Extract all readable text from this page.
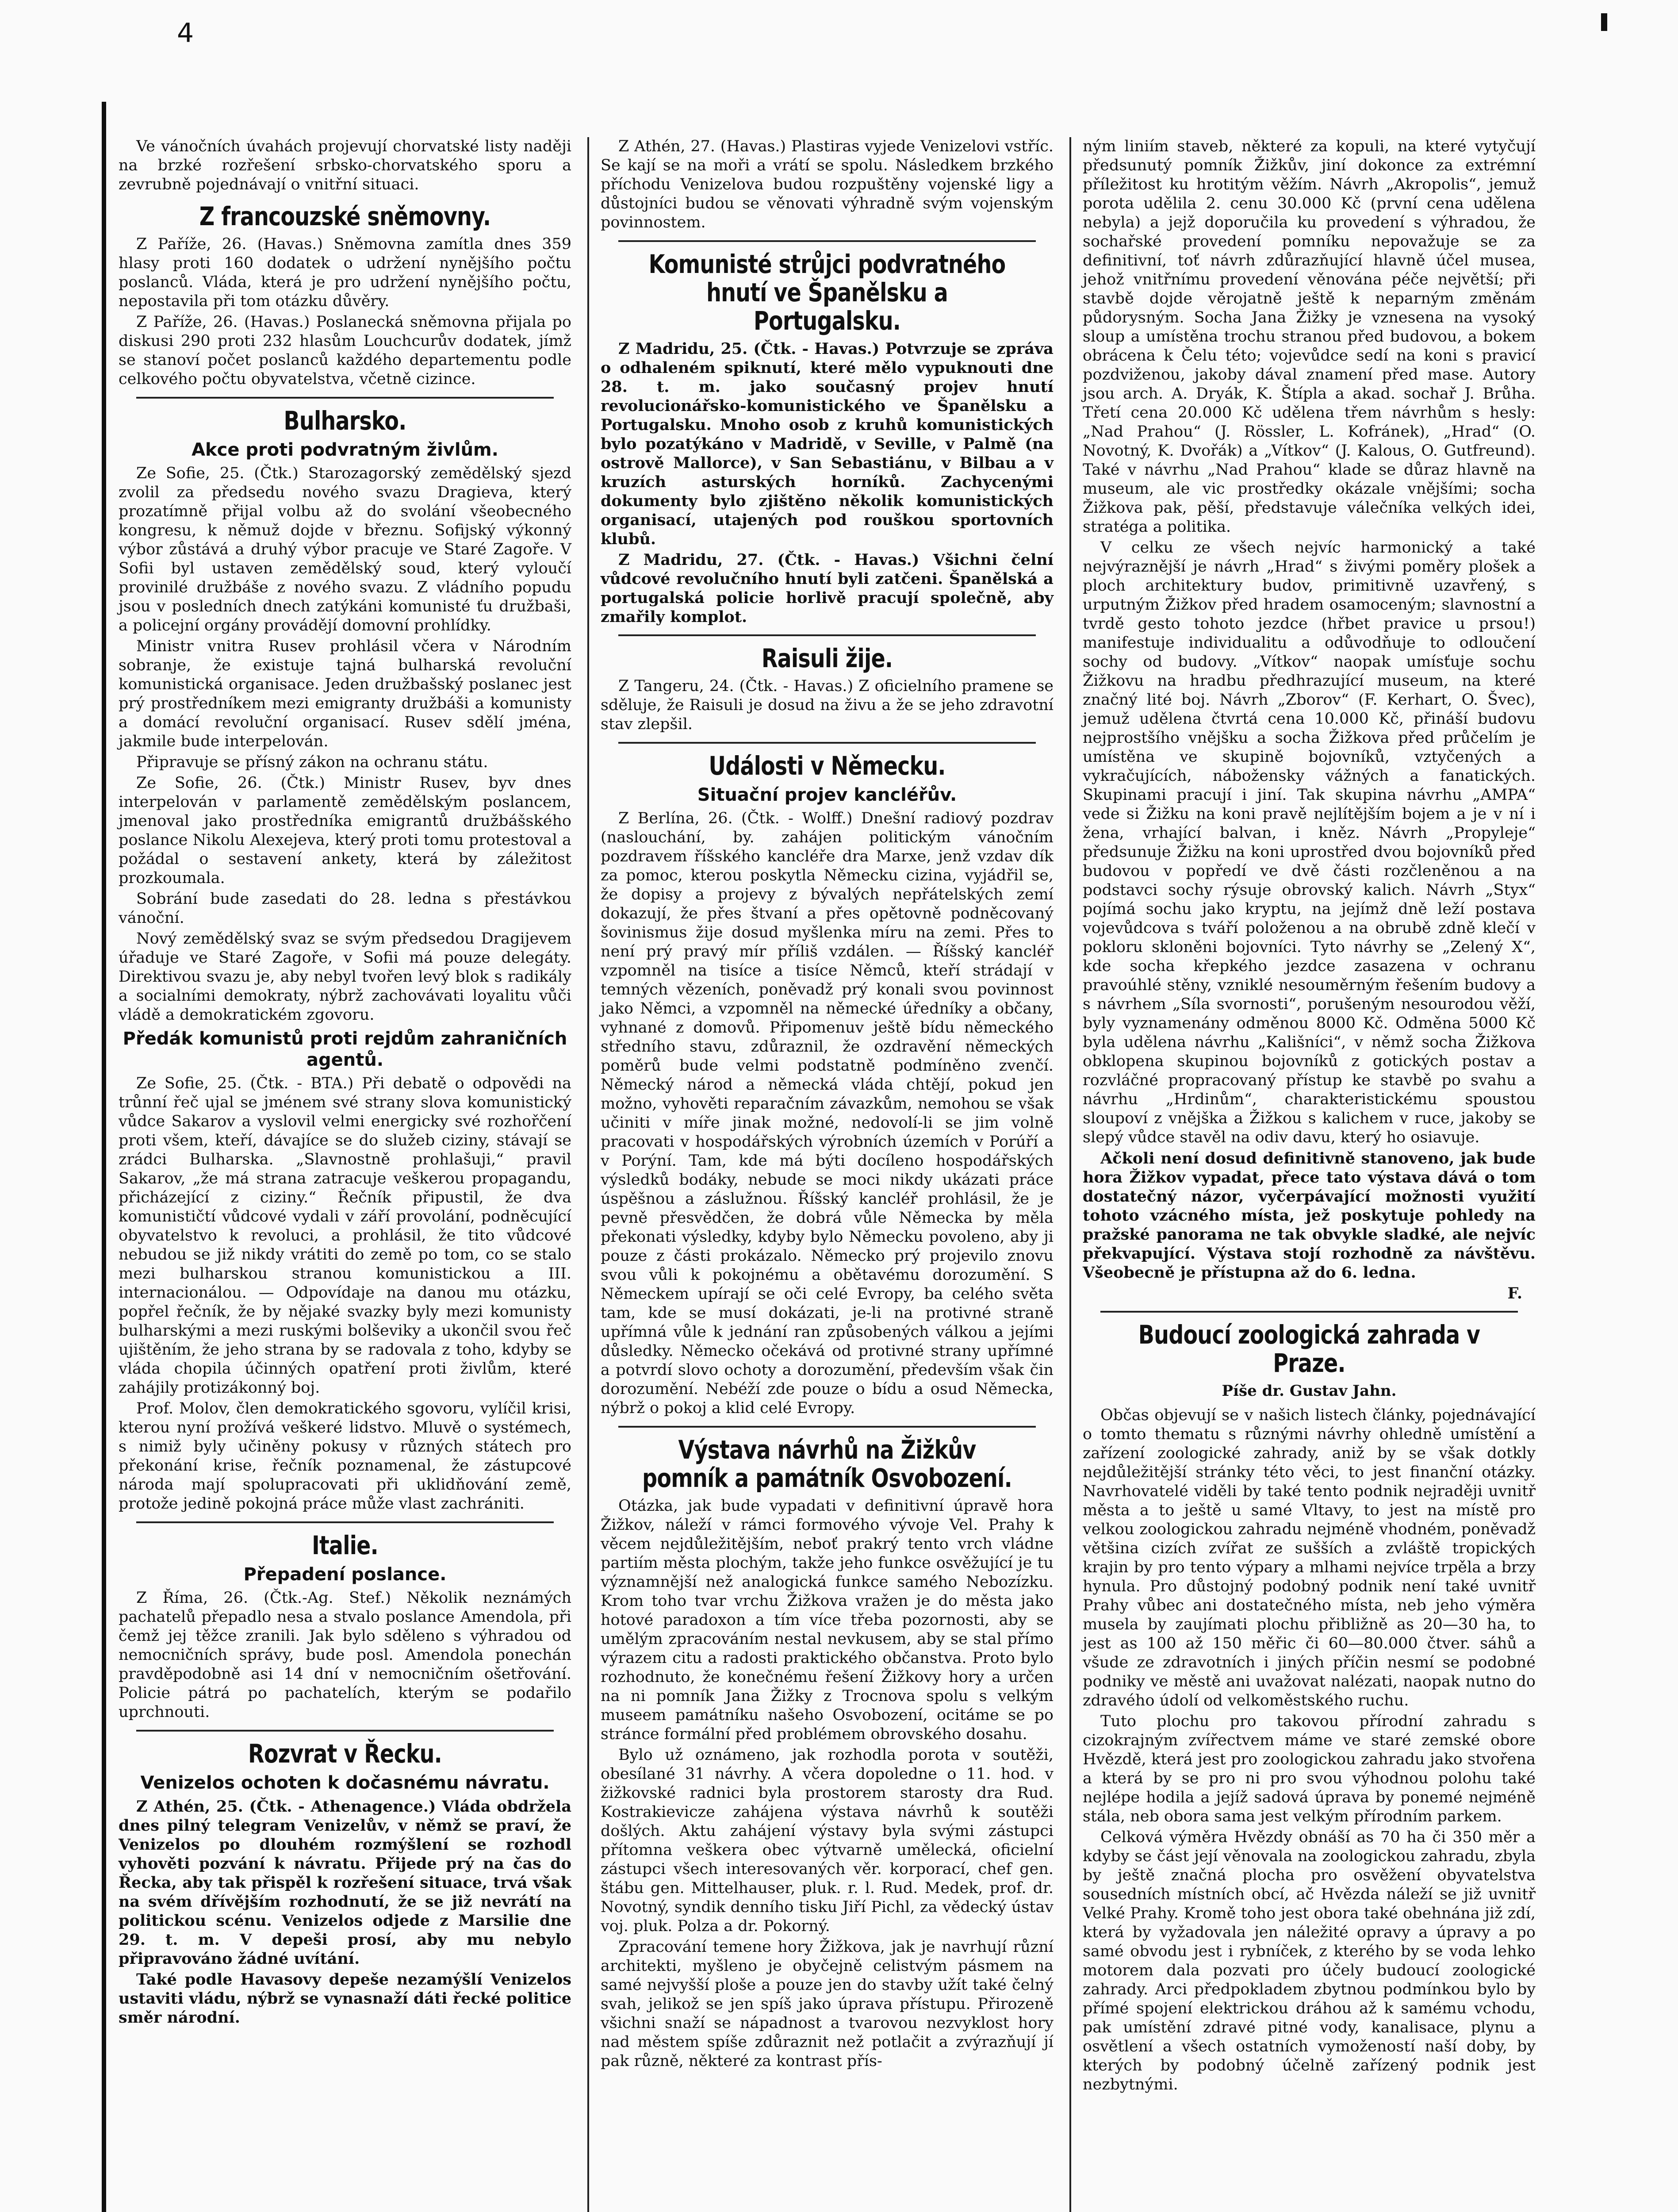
4

Ve vánočních úvahách projevují chorvatské listy naději na brzké rozřešení srbsko-chorvatského sporu a zevrubně pojednávají o vnitřní situaci.

Z francouzské sněmovny.

Z Paříže, 26. (Havas.) Sněmovna zamítla dnes 359 hlasy proti 160 dodatek o udržení nynějšího počtu poslanců. Vláda, která je pro udržení nynějšího počtu, nepostavila při tom otázku důvěry.

Z Paříže, 26. (Havas.) Poslanecká sněmovna přijala po diskusi 290 proti 232 hlasům Louchcurův dodatek, jímž se stanoví počet poslanců každého departementu podle celkového počtu obyvatelstva, včetně cizince.

Bulharsko.
Akce proti podvratným živlům.

Ze Sofie, 25. (Čtk.) Starozagorský zemědělský sjezd zvolil za předsedu nového svazu Dragieva, který prozatímně přijal volbu až do svolání všeobecného kongresu, k němuž dojde v březnu. Sofijský výkonný výbor zůstává a druhý výbor pracuje ve Staré Zagoře. V Sofii byl ustaven zemědělský soud, který vyloučí provinilé družbáše z nového svazu. Z vládního popudu jsou v posledních dnech zatýkáni komunisté ťu družbaši, a policejní orgány provádějí domovní prohlídky.

Ministr vnitra Rusev prohlásil včera v Národním sobranje, že existuje tajná bulharská revoluční komunistická organisace. Jeden družbašský poslanec jest prý prostředníkem mezi emigranty družbáši a komunisty a domácí revoluční organisací. Rusev sdělí jména, jakmile bude interpelován.

Připravuje se přísný zákon na ochranu státu.

Ze Sofie, 26. (Čtk.) Ministr Rusev, byv dnes interpelován v parlamentě zemědělským poslancem, jmenoval jako prostředníka emigrantů družbášského poslance Nikolu Alexejeva, který proti tomu protestoval a požádal o sestavení ankety, která by záležitost prozkoumala.

Sobrání bude zasedati do 28. ledna s přestávkou vánoční.

Nový zemědělský svaz se svým předsedou Dragijevem úřaduje ve Staré Zagoře, v Sofii má pouze delegáty. Direktivou svazu je, aby nebyl tvořen levý blok s radikály a socialními demokraty, nýbrž zachovávati loyalitu vůči vládě a demokratickém zgovoru.

Předák komunistů proti rejdům zahraničních agentů.

Ze Sofie, 25. (Čtk. - BTA.) Při debatě o odpovědi na trůnní řeč ujal se jménem své strany slova komunistický vůdce Sakarov a vyslovil velmi energicky své rozhořčení proti všem, kteří, dávajíce se do služeb ciziny, stávají se zrádci Bulharska. „Slavnostně prohlašuji,“ pravil Sakarov, „že má strana zatracuje veškerou propagandu, přicházející z ciziny.“ Řečník připustil, že dva komunističtí vůdcové vydali v září provolání, podněcující obyvatelstvo k revoluci, a prohlásil, že tito vůdcové nebudou se již nikdy vrátiti do země po tom, co se stalo mezi bulharskou stranou komunistickou a III. internacionálou. — Odpovídaje na danou mu otázku, popřel řečník, že by nějaké svazky byly mezi komunisty bulharskými a mezi ruskými bolševiky a ukončil svou řeč ujištěním, že jeho strana by se radovala z toho, kdyby se vláda chopila účinných opatření proti živlům, které zahájily protizákonný boj.

Prof. Molov, člen demokratického sgovoru, vylíčil krisi, kterou nyní prožívá veškeré lidstvo. Mluvě o systémech, s nimiž byly učiněny pokusy v různých státech pro překonání krise, řečník poznamenal, že zástupcové národa mají spolupracovati při uklidňování země, protože jedině pokojná práce může vlast zachrániti.

Italie.
Přepadení poslance.

Z Říma, 26. (Čtk.-Ag. Stef.) Několik neznámých pachatelů přepadlo nesa a stvalo poslance Amendola, při čemž jej těžce zranili. Jak bylo sděleno s výhradou od nemocničních správy, bude posl. Amendola ponechán pravděpodobně asi 14 dní v nemocničním ošetřování. Policie pátrá po pachatelích, kterým se podařilo uprchnouti.

Rozvrat v Řecku.
Venizelos ochoten k dočasnému návratu.

Z Athén, 25. (Čtk. - Athenagence.) Vláda obdržela dnes pilný telegram Venizelův, v němž se praví, že Venizelos po dlouhém rozmýšlení se rozhodl vyhověti pozvání k návratu. Přijede prý na čas do Řecka, aby tak přispěl k rozřešení situace, trvá však na svém dřívějším rozhodnutí, že se již nevrátí na politickou scénu. Venizelos odjede z Marsilie dne 29. t. m. V depeši prosí, aby mu nebylo připravováno žádné uvítání.

Také podle Havasovy depeše nezamýšlí Venizelos ustaviti vládu, nýbrž se vynasnaží dáti řecké politice směr národní.

Z Athén, 27. (Havas.) Plastiras vyjede Venizelovi vstříc. Se kají se na moři a vrátí se spolu. Následkem brzkého příchodu Venizelova budou rozpuštěny vojenské ligy a důstojníci budou se věnovati výhradně svým vojenským povinnostem.

Komunisté strůjci podvratného hnutí ve Španělsku a Portugalsku.

Z Madridu, 25. (Čtk. - Havas.) Potvrzuje se zpráva o odhaleném spiknutí, které mělo vypuknouti dne 28. t. m. jako současný projev hnutí revolucionářsko-komunistického ve Španělsku a Portugalsku. Mnoho osob z kruhů komunistických bylo pozatýkáno v Madridě, v Seville, v Palmě (na ostrově Mallorce), v San Sebastiánu, v Bilbau a v kruzích asturských horníků. Zachycenými dokumenty bylo zjištěno několik komunistických organisací, utajených pod rouškou sportovních klubů.

Z Madridu, 27. (Čtk. - Havas.) Všichni čelní vůdcové revolučního hnutí byli zatčeni. Španělská a portugalská policie horlivě pracují společně, aby zmařily komplot.

Raisuli žije.

Z Tangeru, 24. (Čtk. - Havas.) Z oficielního pramene se sděluje, že Raisuli je dosud na živu a že se jeho zdravotní stav zlepšil.

Události v Německu.
Situační projev kancléřův.

Z Berlína, 26. (Čtk. - Wolff.) Dnešní radiový pozdrav (naslouchání, by. zahájen politickým vánočním pozdravem říšského kancléře dra Marxe, jenž vzdav dík za pomoc, kterou poskytla Německu cizina, vyjádřil se, že dopisy a projevy z bývalých nepřátelských zemí dokazují, že přes štvaní a přes opětovně podněcovaný šovinismus žije dosud myšlenka míru na zemi. Přes to není prý pravý mír příliš vzdálen. — Říšský kancléř vzpomněl na tisíce a tisíce Němců, kteří strádají v temných vězeních, poněvadž prý konali svou povinnost jako Němci, a vzpomněl na německé úředníky a občany, vyhnané z domovů. Připomenuv ještě bídu německého středního stavu, zdůraznil, že ozdravění německých poměrů bude velmi podstatně podmíněno zvenčí. Německý národ a německá vláda chtějí, pokud jen možno, vyhověti reparačním závazkům, nemohou se však učiniti v míře jinak možné, nedovolí-li se jim volně pracovati v hospodářských výrobních územích v Porúří a v Porýní. Tam, kde má býti docíleno hospodářských výsledků bodáky, nebude se moci nikdy ukázati práce úspěšnou a záslužnou. Říšský kancléř prohlásil, že je pevně přesvědčen, že dobrá vůle Německa by měla překonati výsledky, kdyby bylo Německu povoleno, aby ji pouze z části prokázalo. Německo prý projevilo znovu svou vůli k pokojnému a obětavému dorozumění. S Německem upírají se oči celé Evropy, ba celého světa tam, kde se musí dokázati, je-li na protivné straně upřímná vůle k jednání ran způsobených válkou a jejími důsledky. Německo očekává od protivné strany upřímné a potvrdí slovo ochoty a dorozumění, především však čin dorozumění. Nebéží zde pouze o bídu a osud Německa, nýbrž o pokoj a klid celé Evropy.

Výstava návrhů na Žižkův pomník a památník Osvobození.

Otázka, jak bude vypadati v definitivní úpravě hora Žižkov, náleží v rámci formového vývoje Vel. Prahy k věcem nejdůležitějším, neboť prakrý tento vrch vládne partiím města plochým, takže jeho funkce osvěžující je tu významnější než analogická funkce samého Nebozízku. Krom toho tvar vrchu Žižkova vražen je do města jako hotové paradoxon a tím více třeba pozornosti, aby se umělým zpracováním nestal nevkusem, aby se stal přímo výrazem citu a radosti praktického občanstva. Proto bylo rozhodnuto, že konečnému řešení Žižkovy hory a určen na ni pomník Jana Žižky z Trocnova spolu s velkým museem památníku našeho Osvobození, ocitáme se po stránce formální před problémem obrovského dosahu.

Bylo už oznámeno, jak rozhodla porota v soutěži, obesílané 31 návrhy. A včera dopoledne o 11. hod. v žižkovské radnici byla prostorem starosty dra Rud. Kostrakievicze zahájena výstava návrhů k soutěži došlých. Aktu zahájení výstavy byla svými zástupci přítomna veškera obec výtvarně umělecká, oficielní zástupci všech interesovaných věr. korporací, chef gen. štábu gen. Mittelhauser, pluk. r. l. Rud. Medek, prof. dr. Novotný, syndik denního tisku Jiří Pichl, za vědecký ústav voj. pluk. Polza a dr. Pokorný.

Zpracování temene hory Žižkova, jak je navrhují různí architekti, myšleno je obyčejně celistvým pásmem na samé nejvyšší ploše a pouze jen do stavby užít také čelný svah, jelikož se jen spíš jako úprava přístupu. Přirozeně všichni snaží se nápadnost a tvarovou nezvyklost hory nad městem spíše zdůraznit než potlačit a zvýrazňují jí pak různě, některé za kontrast přís-

ným liniím staveb, některé za kopuli, na které vytyčují předsunutý pomník Žižkův, jiní dokonce za extrémní příležitost ku hrotitým věžím. Návrh „Akropolis“, jemuž porota udělila 2. cenu 30.000 Kč (první cena udělena nebyla) a jejž doporučila ku provedení s výhradou, že sochařské provedení pomníku nepovažuje se za definitivní, toť návrh zdůrazňující hlavně účel musea, jehož vnitřnímu provedení věnována péče největší; při stavbě dojde věrojatně ještě k neparným změnám půdorysným. Socha Jana Žižky je vznesena na vysoký sloup a umístěna trochu stranou před budovou, a bokem obrácena k Čelu této; vojevůdce sedí na koni s pravicí pozdviženou, jakoby dával znamení před mase. Autory jsou arch. A. Dryák, K. Štípla a akad. sochař J. Brůha. Třetí cena 20.000 Kč udělena třem návrhům s hesly: „Nad Prahou“ (J. Rössler, L. Kofránek), „Hrad“ (O. Novotný, K. Dvořák) a „Vítkov“ (J. Kalous, O. Gutfreund). Také v návrhu „Nad Prahou“ klade se důraz hlavně na museum, ale vic prostředky okázale vnějšími; socha Žižkova pak, pěší, představuje válečníka velkých idei, stratéga a politika.

V celku ze všech nejvíc harmonický a také nejvýraznější je návrh „Hrad“ s živými poměry plošek a ploch architektury budov, primitivně uzavřený, s urputným Žižkov před hradem osamoceným; slavnostní a tvrdě gesto tohoto jezdce (hřbet pravice u prsou!) manifestuje individualitu a odůvodňuje to odloučení sochy od budovy. „Vítkov“ naopak umísťuje sochu Žižkovu na hradbu předhrazující museum, na které značný lité boj. Návrh „Zborov“ (F. Kerhart, O. Švec), jemuž udělena čtvrtá cena 10.000 Kč, přináší budovu nejprostšího vnějšku a socha Žižkova před průčelím je umístěna ve skupině bojovníků, vztyčených a vykračujících, nábožensky vážných a fanatických. Skupinami pracují i jiní. Tak skupina návrhu „AMPA“ vede si Žižku na koni pravě nejlítějším bojem a je v ní i žena, vrhající balvan, i kněz. Návrh „Propyleje“ předsunuje Žižku na koni uprostřed dvou bojovníků před budovou v popředí ve dvě části rozčleněnou a na podstavci sochy rýsuje obrovský kalich. Návrh „Styx“ pojímá sochu jako kryptu, na jejímž dně leží postava vojevůdcova s tváří položenou a na obrubě zdně klečí v pokloru skloněni bojovníci. Tyto návrhy se „Zelený X“, kde socha křepkého jezdce zasazena v ochranu pravoúhlé stěny, vzniklé nesouměrným řešením budovy a s návrhem „Síla svornosti“, porušeným nesourodou věží, byly vyznamenány odměnou 8000 Kč. Odměna 5000 Kč byla udělena návrhu „Kališníci“, v němž socha Žižkova obklopena skupinou bojovníků z gotických postav a rozvláčné propracovaný přístup ke stavbě po svahu a návrhu „Hrdinům“, charakteristickému spoustou sloupoví z vnějška a Žižkou s kalichem v ruce, jakoby se slepý vůdce stavěl na odiv davu, který ho osiavuje.

Ačkoli není dosud definitivně stanoveno, jak bude hora Žižkov vypadat, přece tato výstava dává o tom dostatečný názor, vyčerpávající možnosti využití tohoto vzácného místa, jež poskytuje pohledy na pražské panorama ne tak obvykle sladké, ale nejvíc překvapující. Výstava stojí rozhodně za návštěvu. Všeobecně je přístupna až do 6. ledna.

F.
Budoucí zoologická zahrada v Praze.
Píše dr. Gustav Jahn.

Občas objevují se v našich listech články, pojednávající o tomto thematu s různými návrhy ohledně umístění a zařízení zoologické zahrady, aniž by se však dotkly nejdůležitější stránky této věci, to jest finanční otázky. Navrhovatelé viděli by také tento podnik nejraději uvnitř města a to ještě u samé Vltavy, to jest na místě pro velkou zoologickou zahradu nejméně vhodném, poněvadž většina cizích zvířat ze sušších a zvláště tropických krajin by pro tento výpary a mlhami nejvíce trpěla a brzy hynula. Pro důstojný podobný podnik není také uvnitř Prahy vůbec ani dostatečného místa, neb jeho výměra musela by zaujímati plochu přibližně as 20—30 ha, to jest as 100 až 150 měřic či 60—80.000 čtver. sáhů a všude ze zdravotních i jiných příčin nesmí se podobné podniky ve městě ani uvažovat nalézati, naopak nutno do zdravého údolí od velkoměstského ruchu.

Tuto plochu pro takovou přírodní zahradu s cizokrajným zvířectvem máme ve staré zemské obore Hvězdě, která jest pro zoologickou zahradu jako stvořena a která by se pro ni pro svou výhodnou polohu také nejlépe hodila a jejíž sadová úprava by ponemé nejméně stála, neb obora sama jest velkým přírodním parkem.

Celková výměra Hvězdy obnáší as 70 ha či 350 měr a kdyby se část její věnovala na zoologickou zahradu, zbyla by ještě značná plocha pro osvěžení obyvatelstva sousedních místních obcí, ač Hvězda náleží se již uvnitř Velké Prahy. Kromě toho jest obora také obehnána již zdí, která by vyžadovala jen náležité opravy a úpravy a po samé obvodu jest i rybníček, z kterého by se voda lehko motorem dala pozvati pro účely budoucí zoologické zahrady. Arci předpokladem zbytnou podmínkou bylo by přímé spojení elektrickou dráhou až k samému vchodu, pak umístění zdravé pitné vody, kanalisace, plynu a osvětlení a všech ostatních vymožeností naší doby, by kterých by podobný účelně zařízený podnik jest nezbytnými.
